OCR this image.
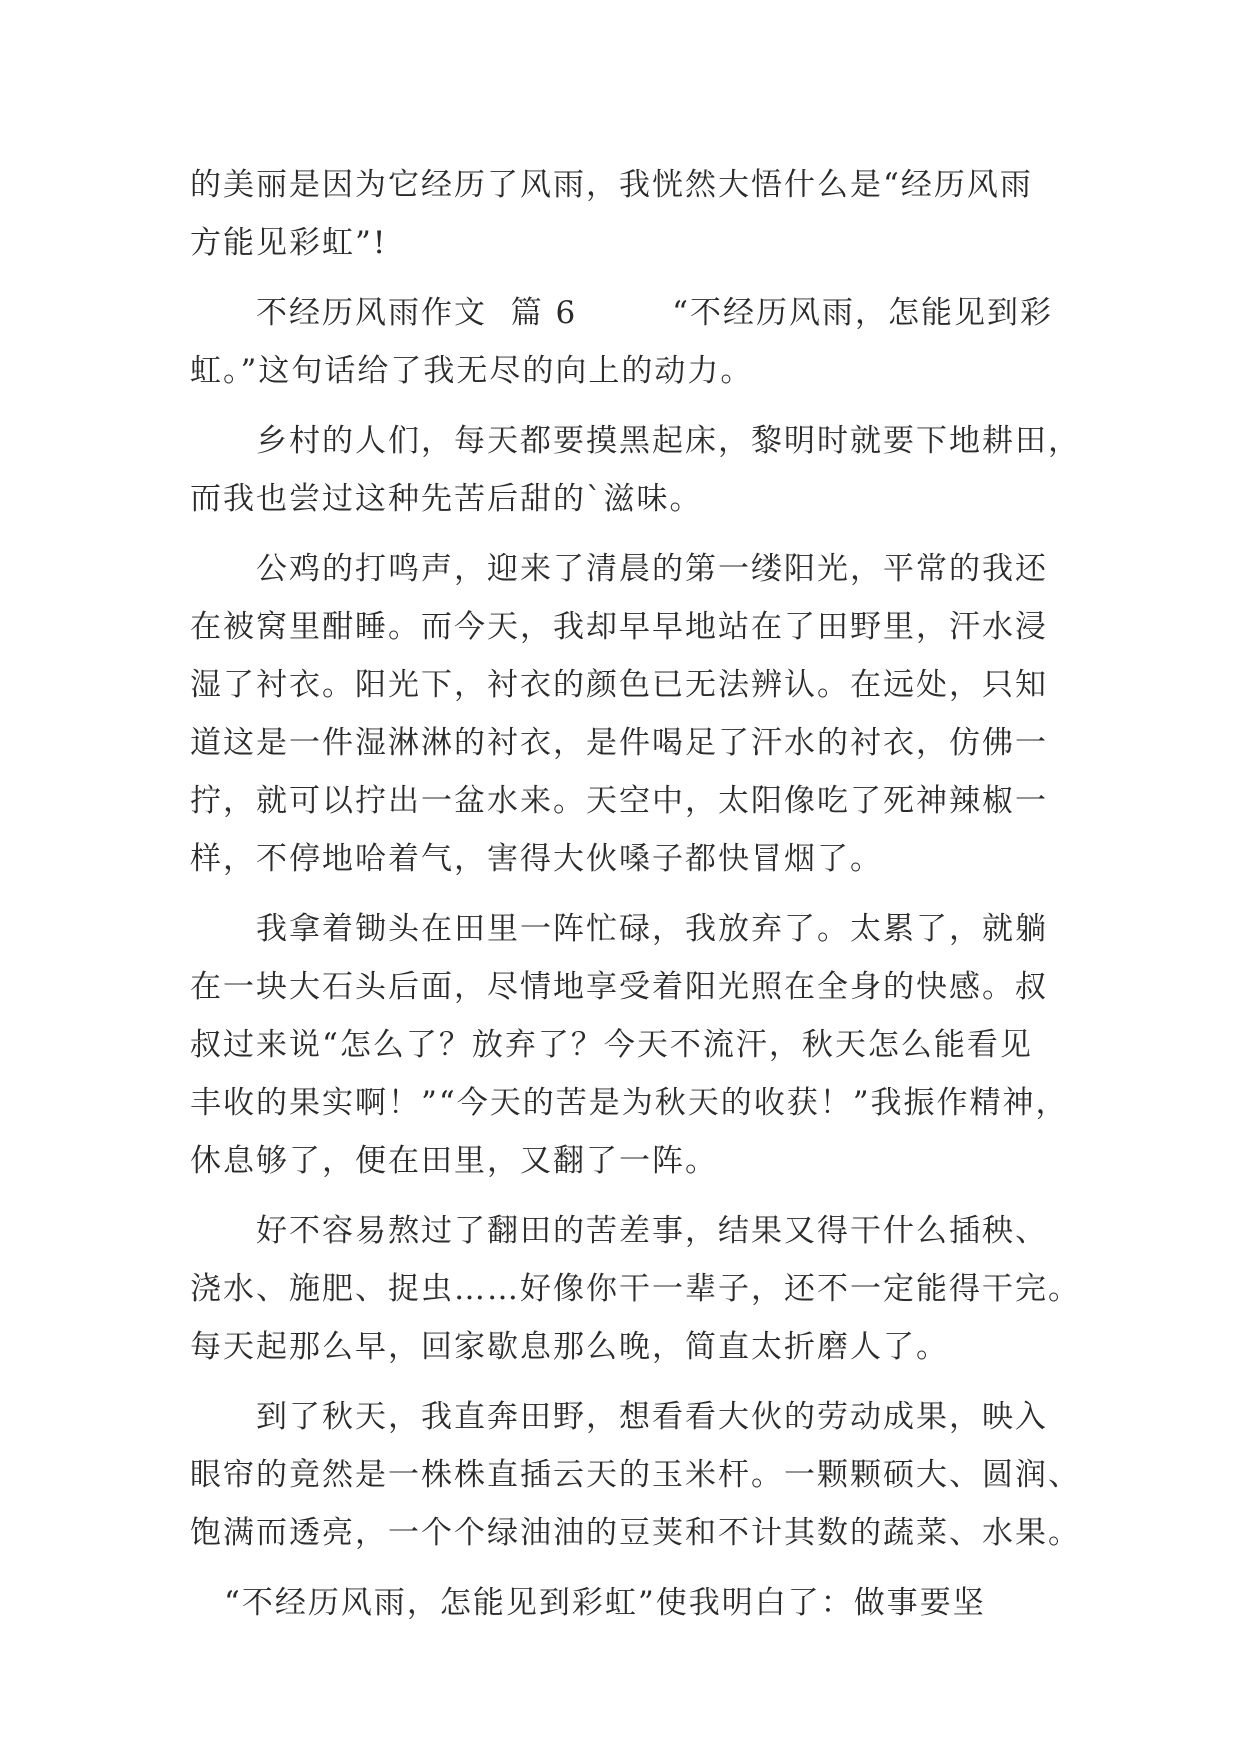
的美丽是因为它经历了风雨，我恍然大悟什么是“经历风雨
方能见彩虹”!
不经历风雨作文  篇 6        “不经历风雨，怎能见到彩
虹。”这句话给了我无尽的向上的动力。
乡村的人们，每天都要摸黑起床，黎明时就要下地耕田，
而我也尝过这种先苦后甜的`滋味。
公鸡的打鸣声，迎来了清晨的第一缕阳光，平常的我还
在被窝里酣睡。而今天，我却早早地站在了田野里，汗水浸
湿了衬衣。阳光下，衬衣的颜色已无法辨认。在远处，只知
道这是一件湿淋淋的衬衣，是件喝足了汗水的衬衣，仿佛一
拧，就可以拧出一盆水来。天空中，太阳像吃了死神辣椒一
样，不停地哈着气，害得大伙嗓子都快冒烟了。
我拿着锄头在田里一阵忙碌，我放弃了。太累了，就躺
在一块大石头后面，尽情地享受着阳光照在全身的快感。叔
叔过来说“怎么了？放弃了？今天不流汗，秋天怎么能看见
丰收的果实啊！”“今天的苦是为秋天的收获！”我振作精神，
休息够了，便在田里，又翻了一阵。
好不容易熬过了翻田的苦差事，结果又得干什么插秧、
浇水、施肥、捉虫……好像你干一辈子，还不一定能得干完。
每天起那么早，回家歇息那么晚，简直太折磨人了。
到了秋天，我直奔田野，想看看大伙的劳动成果，映入
眼帘的竟然是一株株直插云天的玉米杆。一颗颗硕大、圆润、
饱满而透亮，一个个绿油油的豆荚和不计其数的蔬菜、水果。
“不经历风雨，怎能见到彩虹”使我明白了：做事要坚
